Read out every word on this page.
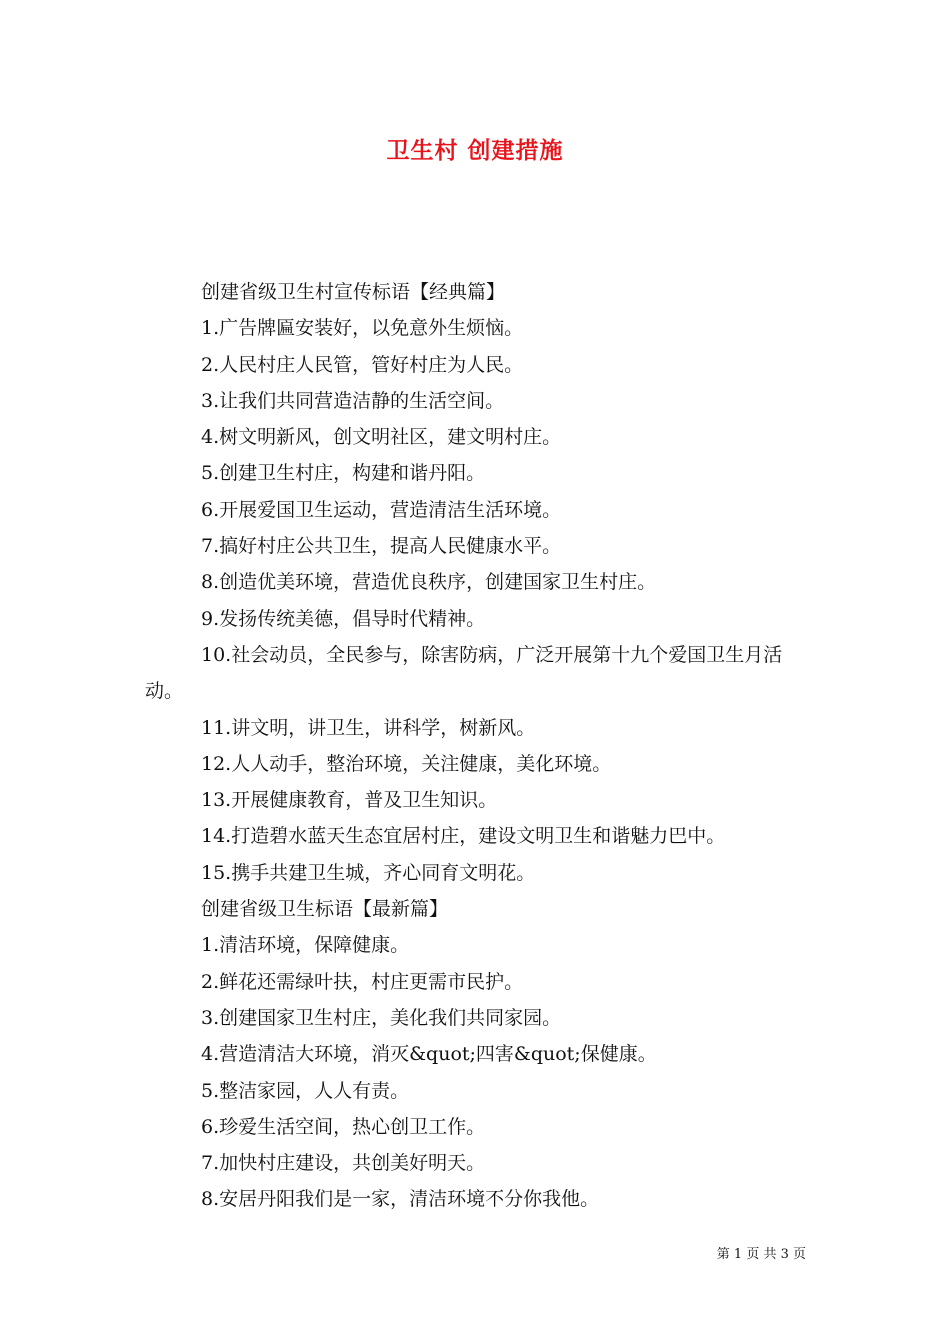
卫生村 创建措施

创建省级卫生村宣传标语【经典篇】

1.广告牌匾安装好，以免意外生烦恼。

2.人民村庄人民管，管好村庄为人民。

3.让我们共同营造洁静的生活空间。

4.树文明新风，创文明社区，建文明村庄。

5.创建卫生村庄，构建和谐丹阳。

6.开展爱国卫生运动，营造清洁生活环境。

7.搞好村庄公共卫生，提高人民健康水平。

8.创造优美环境，营造优良秩序，创建国家卫生村庄。

9.发扬传统美德，倡导时代精神。

10.社会动员，全民参与，除害防病，广泛开展第十九个爱国卫生月活动。

11.讲文明，讲卫生，讲科学，树新风。

12.人人动手，整治环境，关注健康，美化环境。

13.开展健康教育，普及卫生知识。

14.打造碧水蓝天生态宜居村庄，建设文明卫生和谐魅力巴中。

15.携手共建卫生城，齐心同育文明花。

创建省级卫生标语【最新篇】

1.清洁环境，保障健康。

2.鲜花还需绿叶扶，村庄更需市民护。

3.创建国家卫生村庄，美化我们共同家园。

4.营造清洁大环境，消灭&quot;四害&quot;保健康。

5.整洁家园，人人有责。

6.珍爱生活空间，热心创卫工作。

7.加快村庄建设，共创美好明天。

8.安居丹阳我们是一家，清洁环境不分你我他。

第 1 页 共 3 页
